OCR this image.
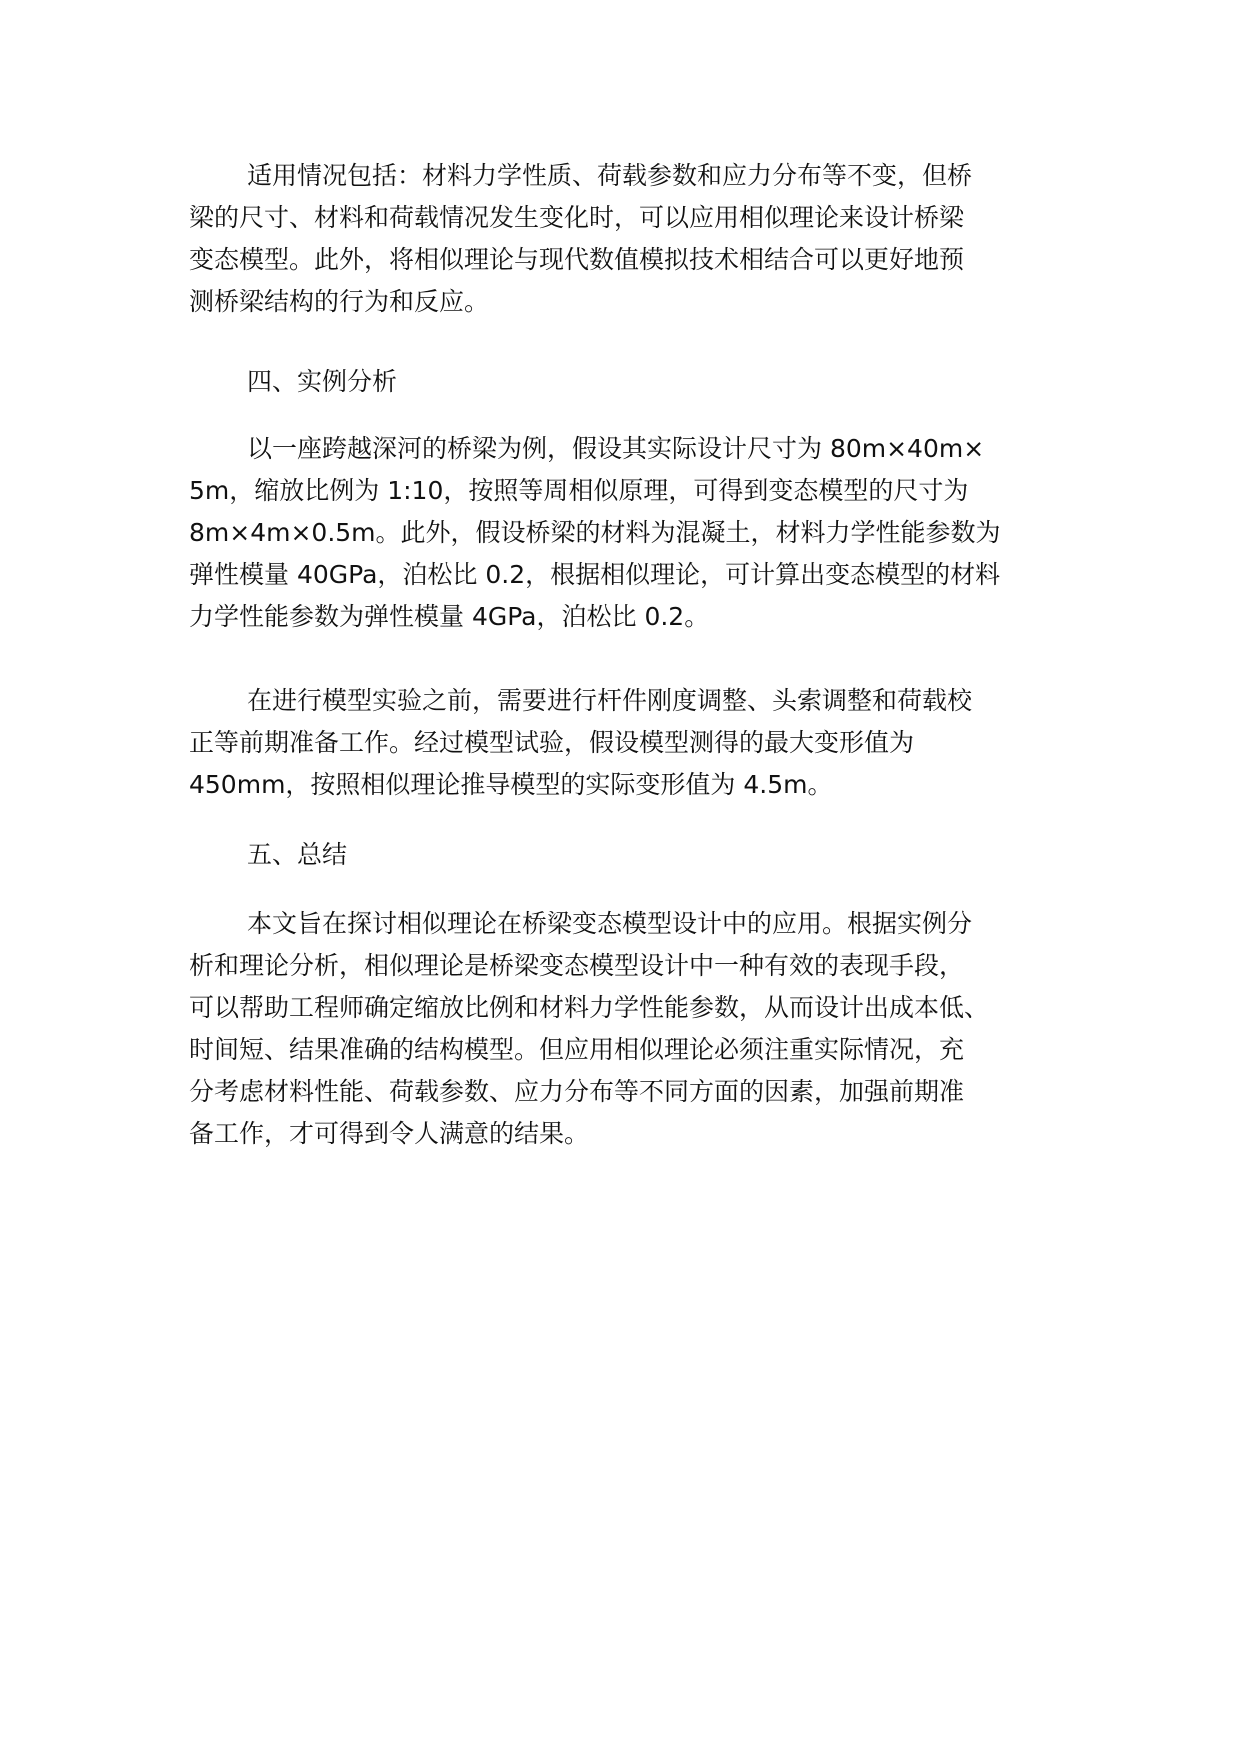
适用情况包括：材料力学性质、荷载参数和应力分布等不变，但桥
梁的尺寸、材料和荷载情况发生变化时，可以应用相似理论来设计桥梁
变态模型。此外，将相似理论与现代数值模拟技术相结合可以更好地预
测桥梁结构的行为和反应。
四、实例分析
以一座跨越深河的桥梁为例，假设其实际设计尺寸为 80m×40m×
5m，缩放比例为 1:10，按照等周相似原理，可得到变态模型的尺寸为
8m×4m×0.5m。此外，假设桥梁的材料为混凝土，材料力学性能参数为
弹性模量 40GPa，泊松比 0.2，根据相似理论，可计算出变态模型的材料
力学性能参数为弹性模量 4GPa，泊松比 0.2。
在进行模型实验之前，需要进行杆件刚度调整、头索调整和荷载校
正等前期准备工作。经过模型试验，假设模型测得的最大变形值为
450mm，按照相似理论推导模型的实际变形值为 4.5m。
五、总结
本文旨在探讨相似理论在桥梁变态模型设计中的应用。根据实例分
析和理论分析，相似理论是桥梁变态模型设计中一种有效的表现手段，
可以帮助工程师确定缩放比例和材料力学性能参数，从而设计出成本低、
时间短、结果准确的结构模型。但应用相似理论必须注重实际情况，充
分考虑材料性能、荷载参数、应力分布等不同方面的因素，加强前期准
备工作，才可得到令人满意的结果。
